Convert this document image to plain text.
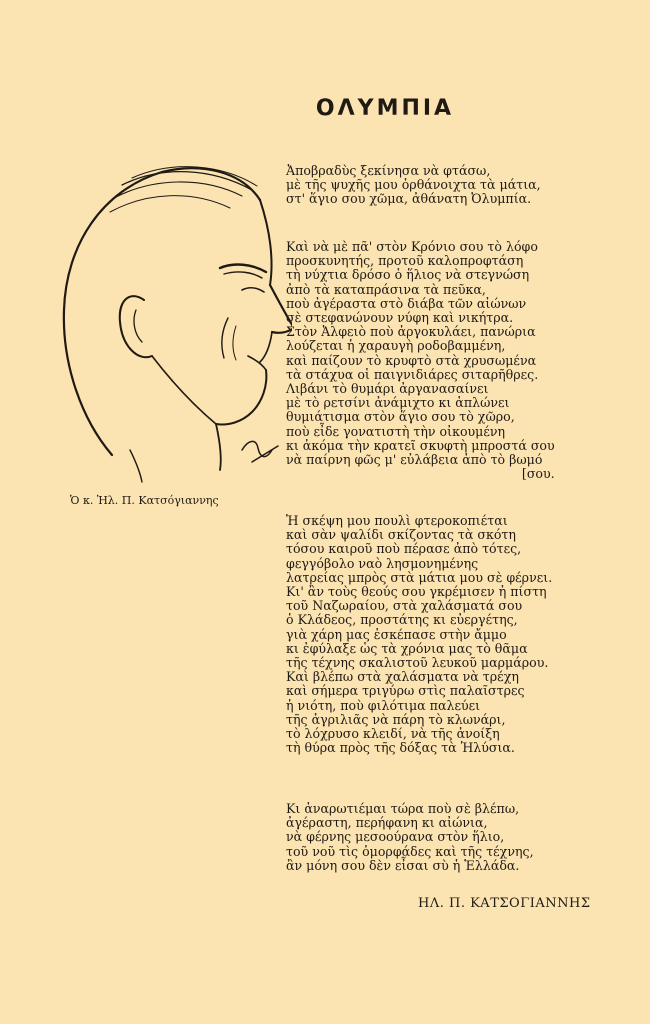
ΟΛΥΜΠΙΑ
Ὁ κ. Ἠλ. Π. Κατσόγιαννης
Ἀποβραδὺς ξεκίνησα νὰ φτάσω,
μὲ τῆς ψυχῆς μου ὀρθάνοιχτα τὰ μάτια,
στ' ἅγιο σου χῶμα, ἀθάνατη Ὀλυμπία.
Καὶ νὰ μὲ πᾶ' στὸν Κρόνιο σου τὸ λόφο
προσκυνητής, προτοῦ καλοπροφτάση
τὴ νύχτια δρόσο ὁ ἥλιος νὰ στεγνώση
ἀπὸ τὰ καταπράσινα τὰ πεῦκα,
ποὺ ἀγέραστα στὸ διάβα τῶν αἰώνων
σὲ στεφανώνουν νύφη καὶ νικήτρα.
Στὸν Ἀλφειὸ ποὺ ἀργοκυλάει, πανώρια
λούζεται ἡ χαραυγὴ ροδοβαμμένη,
καὶ παίζουν τὸ κρυφτὸ στὰ χρυσωμένα
τὰ στάχυα οἱ παιγνιδιάρες σιταρῆθρες.
Λιβάνι τὸ θυμάρι ἀργανασαίνει
μὲ τὸ ρετσίνι ἀνάμιχτο κι ἁπλώνει
θυμιάτισμα στὸν ἅγιο σου τὸ χῶρο,
ποὺ εἶδε γονατιστὴ τὴν οἰκουμένη
κι ἀκόμα τὴν κρατεῖ σκυφτὴ μπροστά σου
νὰ παίρνη φῶς μ' εὐλάβεια ἀπὸ τὸ βωμό
[σου.
Ἡ σκέψη μου πουλὶ φτεροκοπιέται
καὶ σὰν ψαλίδι σκίζοντας τὰ σκότη
τόσου καιροῦ ποὺ πέρασε ἀπὸ τότες,
φεγγόβολο ναὸ λησμονημένης
λατρείας μπρὸς στὰ μάτια μου σὲ φέρνει.
Κι' ἂν τοὺς θεούς σου γκρέμισεν ἡ πίστη
τοῦ Ναζωραίου, στὰ χαλάσματά σου
ὁ Κλάδεος, προστάτης κι εὐεργέτης,
γιὰ χάρη μας ἐσκέπασε στὴν ἄμμο
κι ἐφύλαξε ὡς τὰ χρόνια μας τὸ θᾶμα
τῆς τέχνης σκαλιστοῦ λευκοῦ μαρμάρου.
Καὶ βλέπω στὰ χαλάσματα νὰ τρέχη
καὶ σήμερα τριγύρω στὶς παλαῖστρες
ἡ νιότη, ποὺ φιλότιμα παλεύει
τῆς ἀγριλιᾶς νὰ πάρη τὸ κλωνάρι,
τὸ λόχρυσο κλειδί, νὰ τῆς ἀνοίξη
τὴ θύρα πρὸς τῆς δόξας τὰ Ἠλύσια.
Κι ἀναρωτιέμαι τώρα ποὺ σὲ βλέπω,
ἀγέραστη, περήφανη κι αἰώνια,
νὰ φέρνης μεσοούρανα στὸν ἥλιο,
τοῦ νοῦ τὶς ὀμορφάδες καὶ τῆς τέχνης,
ἂν μόνη σου δὲν εἶσαι σὺ ἡ Ἑλλάδα.
ΗΛ. Π. ΚΑΤΣΟΓΙΑΝΝΗΣ
